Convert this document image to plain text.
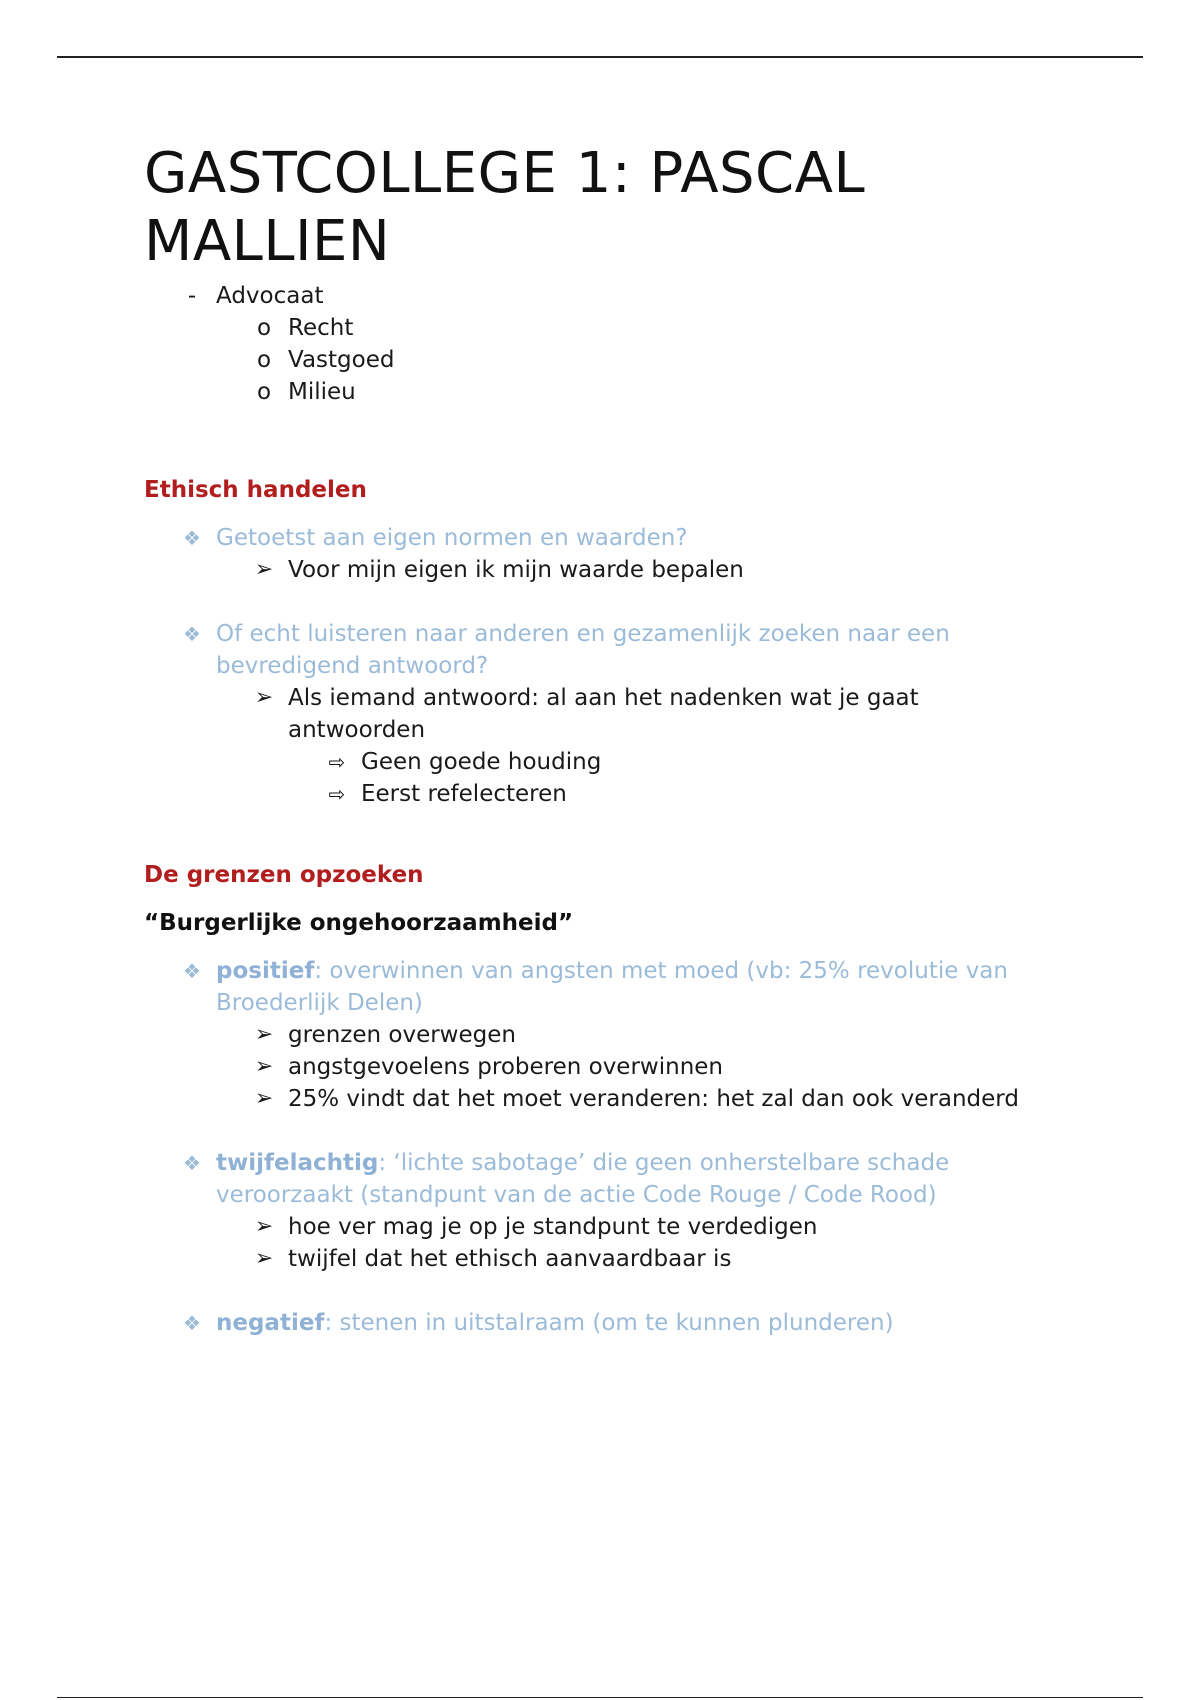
GASTCOLLEGE 1: PASCAL MALLIEN
- Advocaat
o Recht
o Vastgoed
o Milieu
Ethisch handelen
❖ Getoetst aan eigen normen en waarden?
➢ Voor mijn eigen ik mijn waarde bepalen
❖ Of echt luisteren naar anderen en gezamenlijk zoeken naar een
bevredigend antwoord?
➢ Als iemand antwoord: al aan het nadenken wat je gaat
antwoorden
⇨ Geen goede houding
⇨ Eerst refelecteren
De grenzen opzoeken
“Burgerlijke ongehoorzaamheid”
❖ positief: overwinnen van angsten met moed (vb: 25% revolutie van
Broederlijk Delen)
➢ grenzen overwegen
➢ angstgevoelens proberen overwinnen
➢ 25% vindt dat het moet veranderen: het zal dan ook veranderd
❖ twijfelachtig: ‘lichte sabotage’ die geen onherstelbare schade
veroorzaakt (standpunt van de actie Code Rouge / Code Rood)
➢ hoe ver mag je op je standpunt te verdedigen
➢ twijfel dat het ethisch aanvaardbaar is
❖ negatief: stenen in uitstalraam (om te kunnen plunderen)
